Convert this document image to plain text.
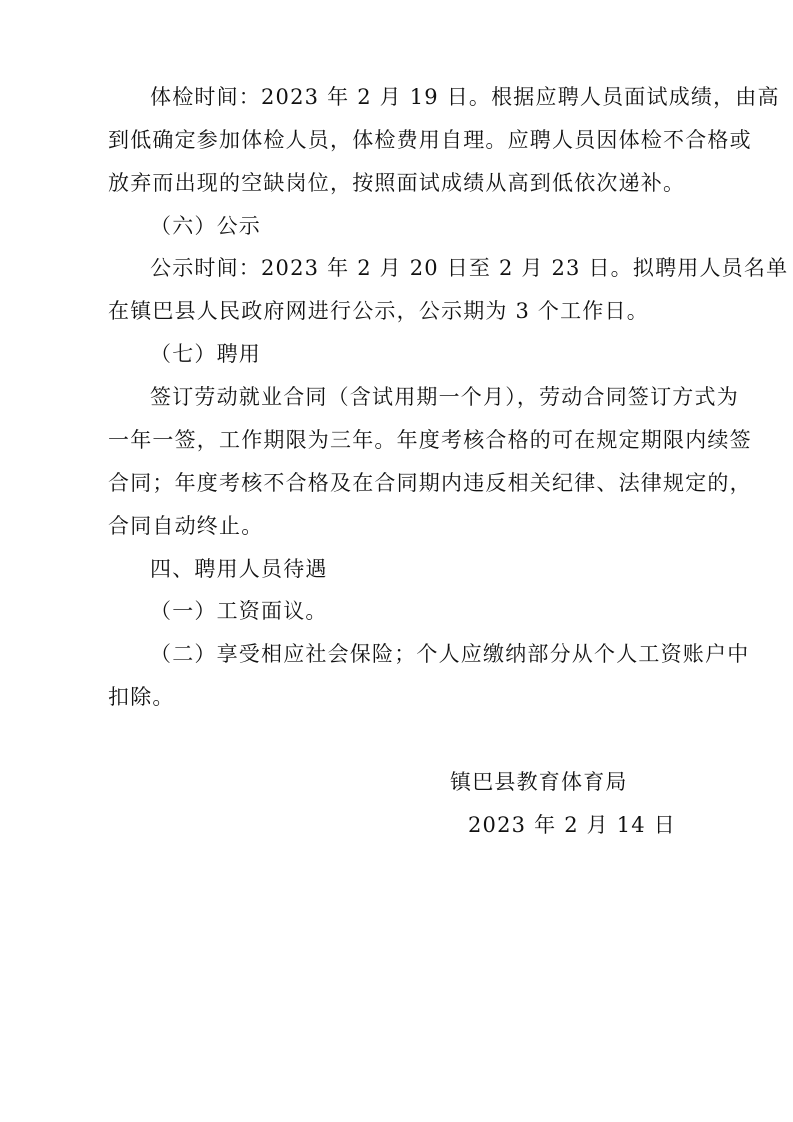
体检时间：2023 年 2 月 19 日。根据应聘人员面试成绩，由高
到低确定参加体检人员，体检费用自理。应聘人员因体检不合格或
放弃而出现的空缺岗位，按照面试成绩从高到低依次递补。
（六）公示
公示时间：2023 年 2 月 20 日至 2 月 23 日。拟聘用人员名单
在镇巴县人民政府网进行公示，公示期为 3 个工作日。
（七）聘用
签订劳动就业合同（含试用期一个月），劳动合同签订方式为
一年一签，工作期限为三年。年度考核合格的可在规定期限内续签
合同；年度考核不合格及在合同期内违反相关纪律、法律规定的，
合同自动终止。
四、聘用人员待遇
（一）工资面议。
（二）享受相应社会保险；个人应缴纳部分从个人工资账户中
扣除。
镇巴县教育体育局
2023 年 2 月 14 日
